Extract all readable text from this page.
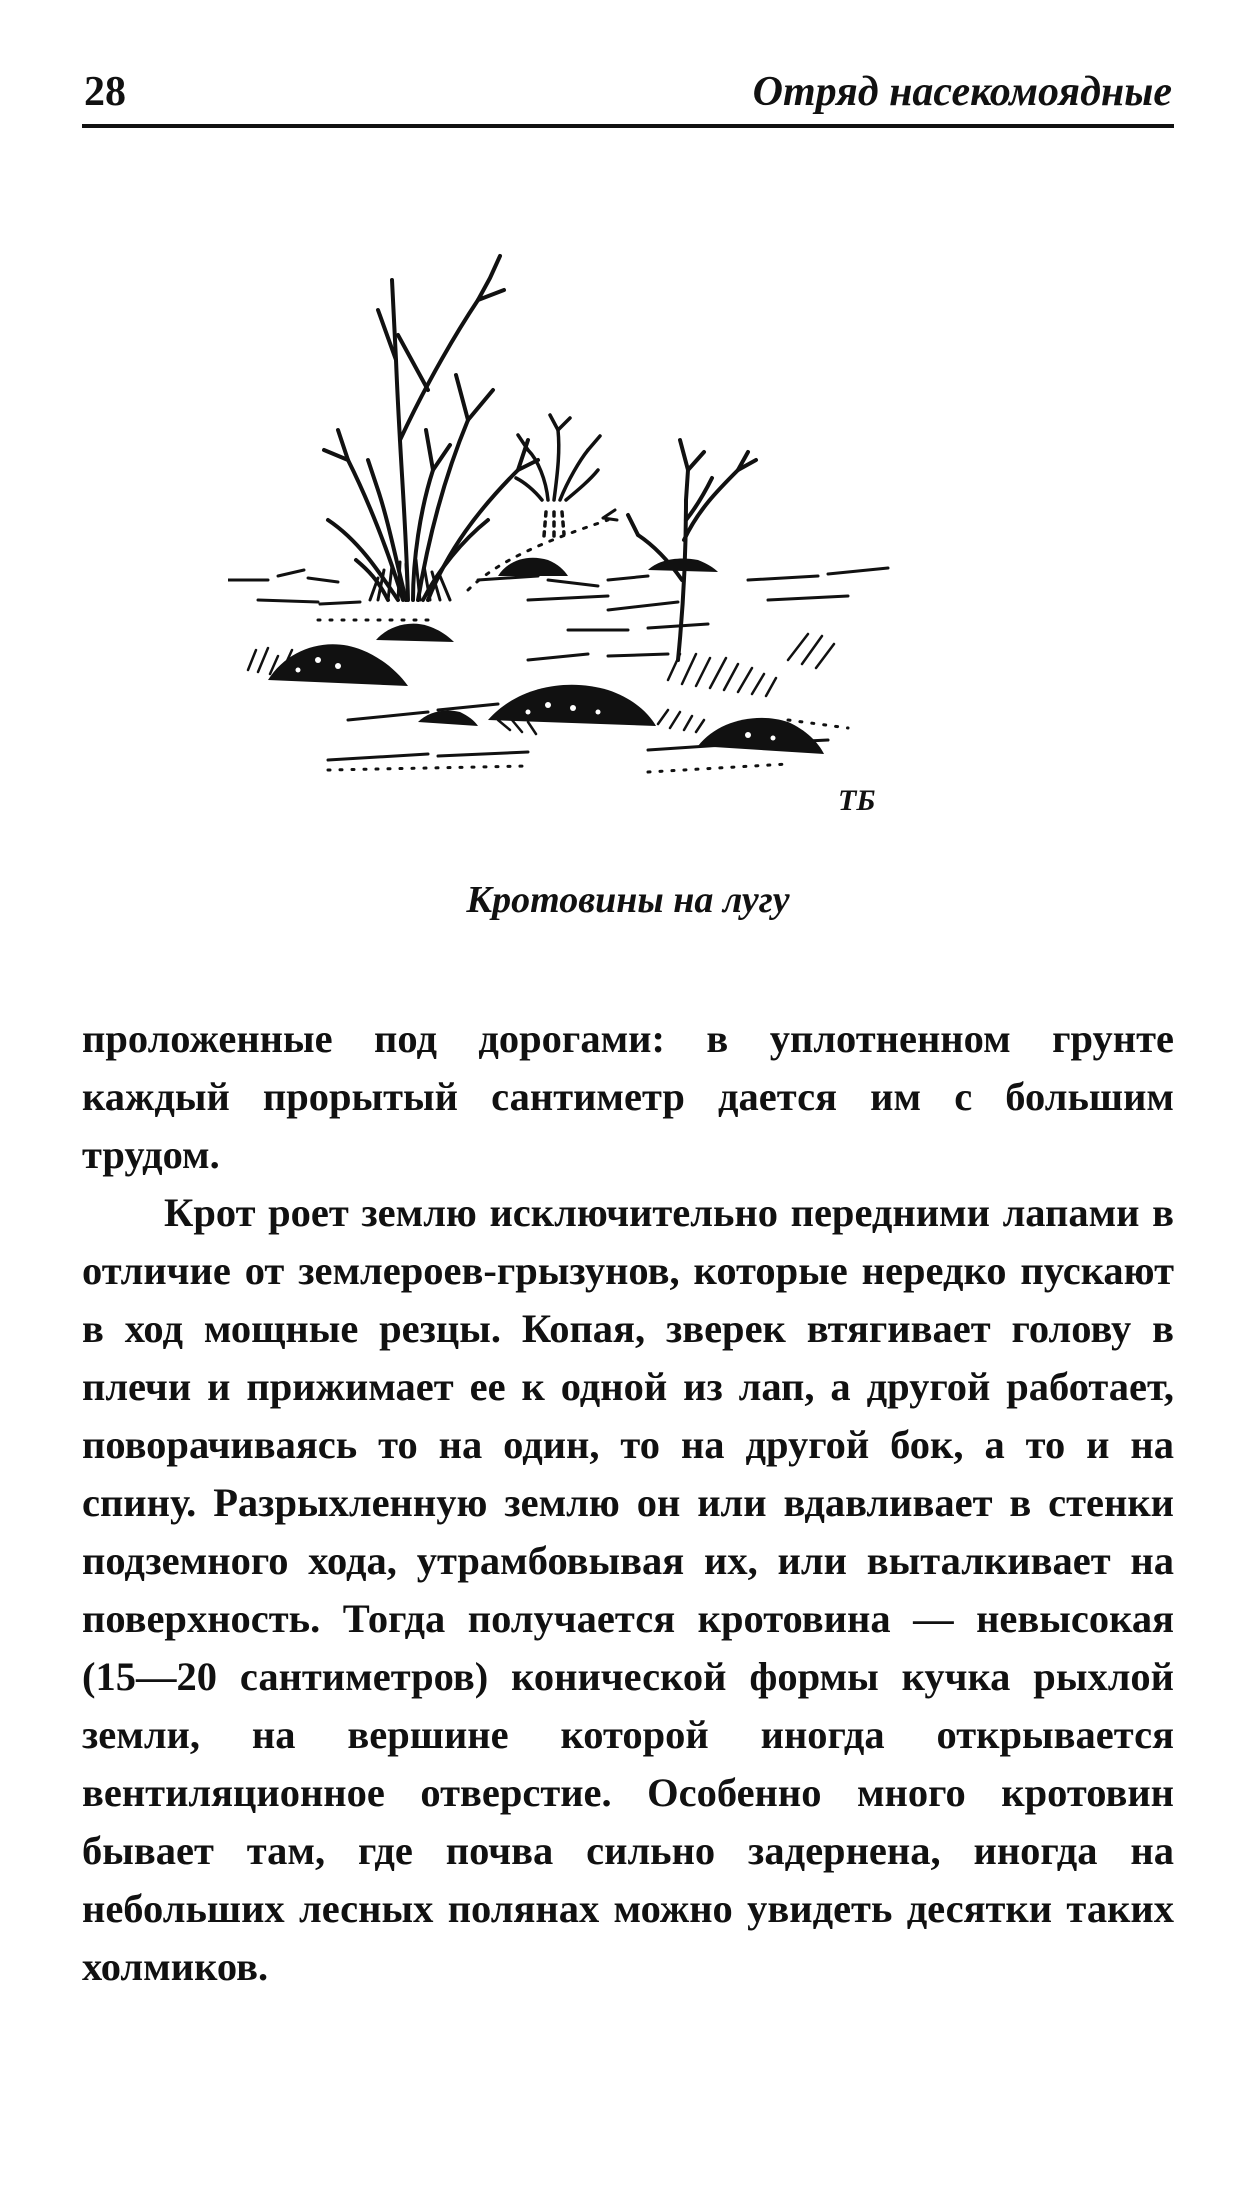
28	Отряд насекомоядные
ТБ
Кротовины на лугу

проложенные под дорогами: в уплотненном грунте каждый прорытый сантиметр дается им с большим трудом.

Крот роет землю исключительно передними лапами в отличие от землероев-грызунов, которые нередко пускают в ход мощные резцы. Копая, зверек втягивает голову в плечи и прижимает ее к одной из лап, а другой работает, поворачиваясь то на один, то на другой бок, а то и на спину. Разрыхленную землю он или вдавливает в стенки подземного хода, утрамбовывая их, или выталкивает на поверхность. Тогда получается кротовина — невысокая (15—20 сантиметров) конической формы кучка рыхлой земли, на вершине которой иногда открывается вентиляционное отверстие. Особенно много кротовин бывает там, где почва сильно задернена, иногда на небольших лесных полянах можно увидеть десятки таких холмиков.
